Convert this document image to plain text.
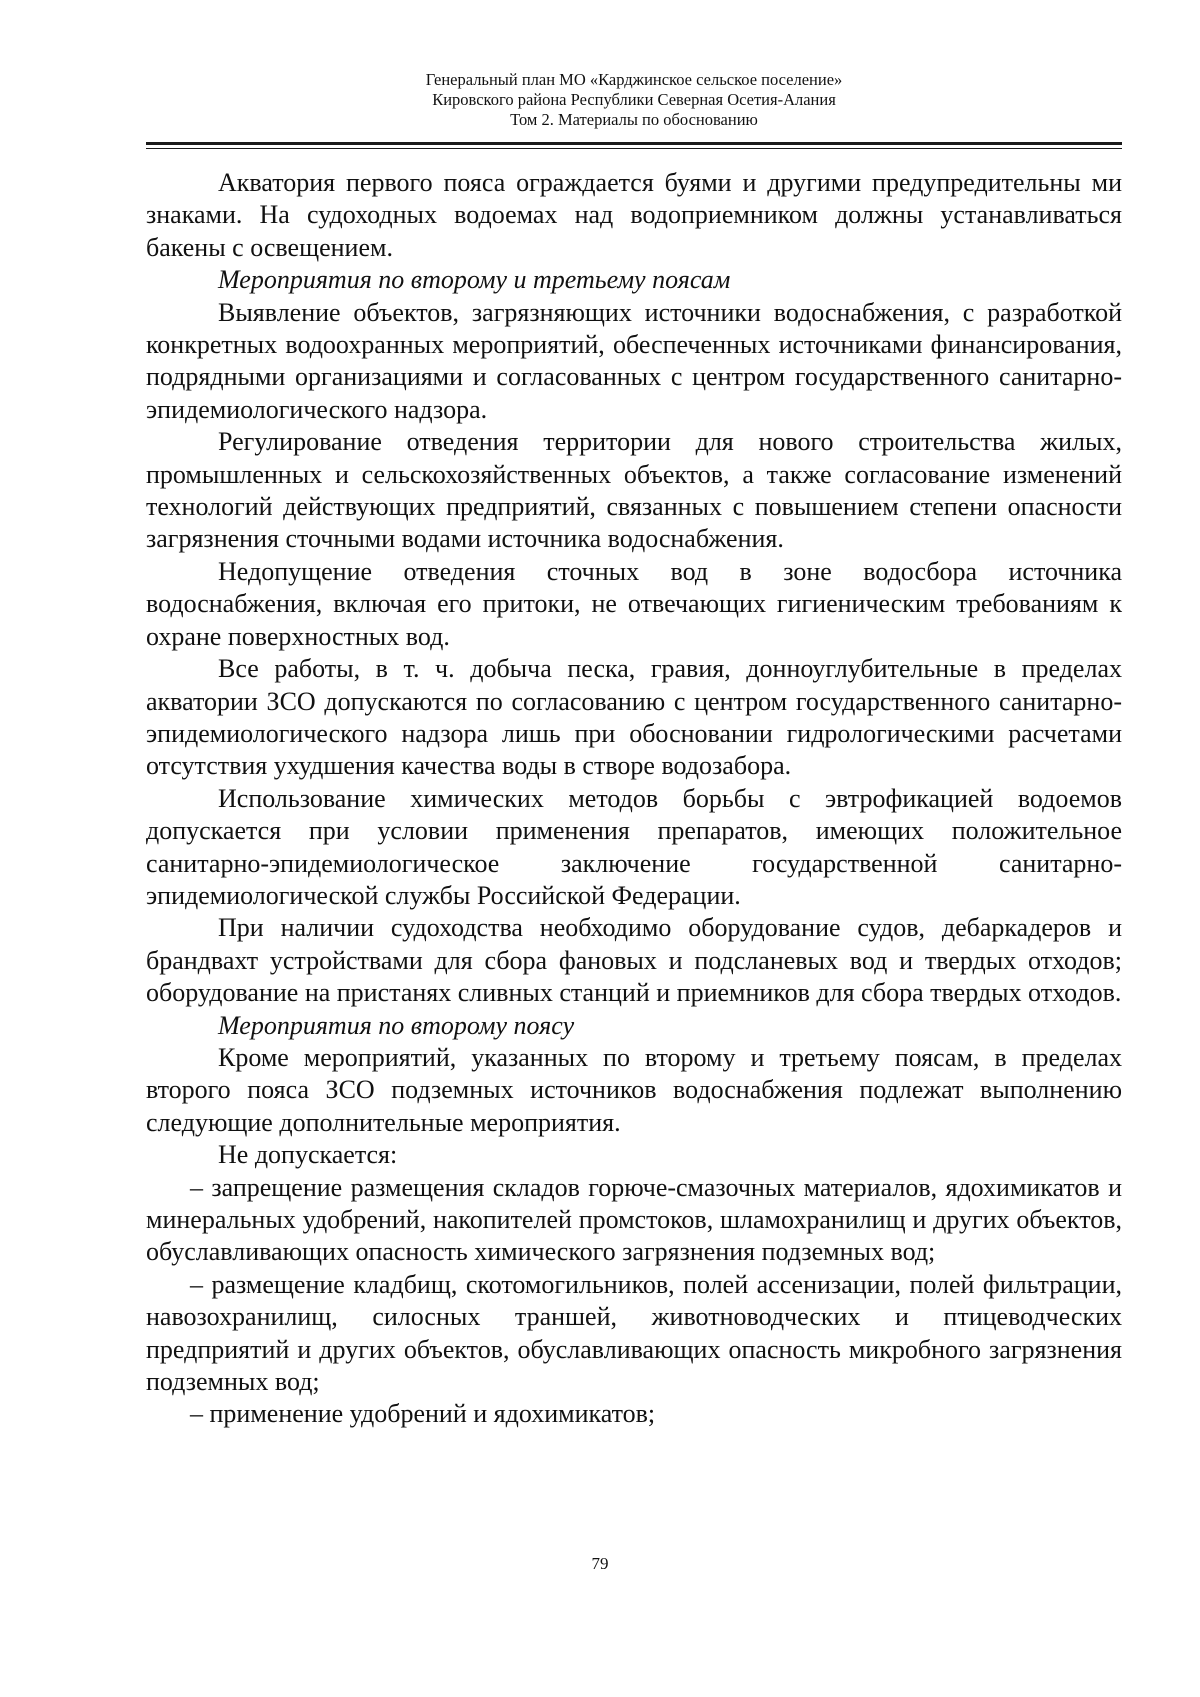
Генеральный план МО «Карджинское сельское поселение»
Кировского района Республики Северная Осетия-Алания
Том 2. Материалы по обоснованию

Акватория первого пояса ограждается буями и другими предупредительны ми знаками. На судоходных водоемах над водоприемником должны устанавливаться бакены с освещением.

Мероприятия по второму и третьему поясам

Выявление объектов, загрязняющих источники водоснабжения, с разработкой конкретных водоохранных мероприятий, обеспеченных источниками финансирования, подрядными организациями и согласованных с центром государственного санитарно-эпидемиологического надзора.

Регулирование отведения территории для нового строительства жилых, промышленных и сельскохозяйственных объектов, а также согласование изменений технологий действующих предприятий, связанных с повышением степени опасности загрязнения сточными водами источника водоснабжения.

Недопущение отведения сточных вод в зоне водосбора источника водоснабжения, включая его притоки, не отвечающих гигиеническим требованиям к охране поверхностных вод.

Все работы, в т. ч. добыча песка, гравия, донноуглубительные в пределах акватории ЗСО допускаются по согласованию с центром государственного санитарно-эпидемиологического надзора лишь при обосновании гидрологическими расчетами отсутствия ухудшения качества воды в створе водозабора.

Использование химических методов борьбы с эвтрофикацией водоемов допускается при условии применения препаратов, имеющих положительное санитарно-эпидемиологическое заключение государственной санитарно-эпидемиологической службы Российской Федерации.

При наличии судоходства необходимо оборудование судов, дебаркадеров и брандвахт устройствами для сбора фановых и подсланевых вод и твердых отходов; оборудование на пристанях сливных станций и приемников для сбора твердых отходов.

Мероприятия по второму поясу

Кроме мероприятий, указанных по второму и третьему поясам, в пределах второго пояса ЗСО подземных источников водоснабжения подлежат выполнению следующие дополнительные мероприятия.

Не допускается:

– запрещение размещения складов горюче-смазочных материалов, ядохимикатов и минеральных удобрений, накопителей промстоков, шламохранилищ и других объектов, обуславливающих опасность химического загрязнения подземных вод;

– размещение кладбищ, скотомогильников, полей ассенизации, полей фильтрации, навозохранилищ, силосных траншей, животноводческих и птицеводческих предприятий и других объектов, обуславливающих опасность микробного загрязнения подземных вод;

– применение удобрений и ядохимикатов;

79
